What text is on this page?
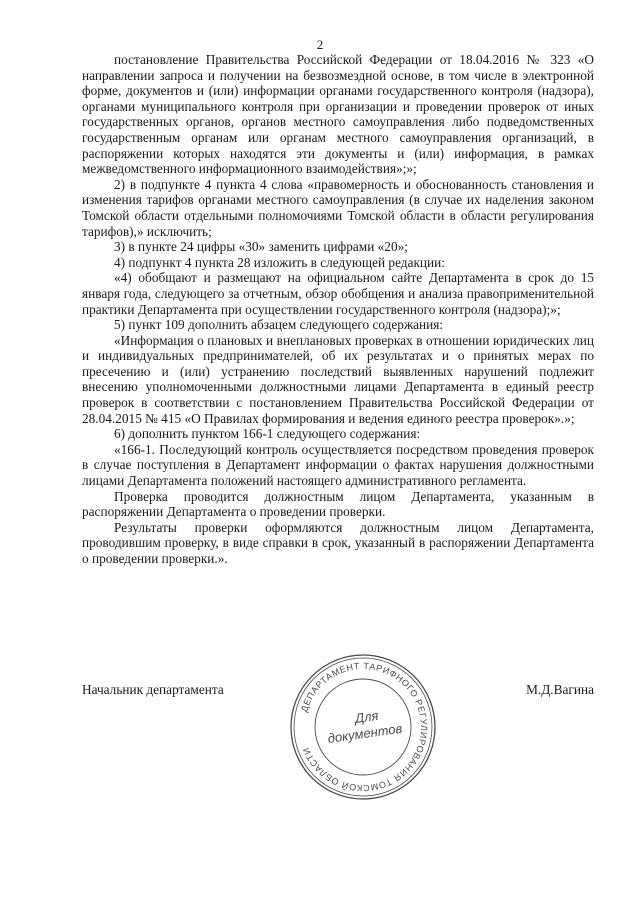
2

постановление Правительства Российской Федерации от 18.04.2016 № 323 «О направлении запроса и получении на безвозмездной основе, в том числе в электронной форме, документов и (или) информации органами государственного контроля (надзора), органами муниципального контроля при организации и проведении проверок от иных государственных органов, органов местного самоуправления либо подведомственных государственным органам или органам местного самоуправления организаций, в распоряжении которых находятся эти документы и (или) информация, в рамках межведомственного информационного взаимодействия»;»;

2) в подпункте 4 пункта 4 слова «правомерность и обоснованность становления и изменения тарифов органами местного самоуправления (в случае их наделения законом Томской области отдельными полномочиями Томской области в области регулирования тарифов),» исключить;

3) в пункте 24 цифры «30» заменить цифрами «20»;

4) подпункт 4 пункта 28 изложить в следующей редакции:

«4) обобщают и размещают на официальном сайте Департамента в срок до 15 января года, следующего за отчетным, обзор обобщения и анализа правоприменительной практики Департамента при осуществлении государственного контроля (надзора);»;

5) пункт 109 дополнить абзацем следующего содержания:

«Информация о плановых и внеплановых проверках в отношении юридических лиц и индивидуальных предпринимателей, об их результатах и о принятых мерах по пресечению и (или) устранению последствий выявленных нарушений подлежит внесению уполномоченными должностными лицами Департамента в единый реестр проверок в соответствии с постановлением Правительства Российской Федерации от 28.04.2015 № 415 «О Правилах формирования и ведения единого реестра проверок».»;

6) дополнить пунктом 166-1 следующего содержания:

«166-1. Последующий контроль осуществляется посредством проведения проверок в случае поступления в Департамент информации о фактах нарушения должностными лицами Департамента положений настоящего административного регламента.

Проверка проводится должностным лицом Департамента, указанным в распоряжении Департамента о проведении проверки.

Результаты проверки оформляются должностным лицом Департамента, проводившим проверку, в виде справки в срок, указанный в распоряжении Департамента о проведении проверки.».

Начальник департамента	М.Д.Вагина
ДЕПАРТАМЕНТ ТАРИФНОГО РЕГУЛИРОВАНИЯ ТОМСКОЙ ОБЛАСТИ
Для
документов
